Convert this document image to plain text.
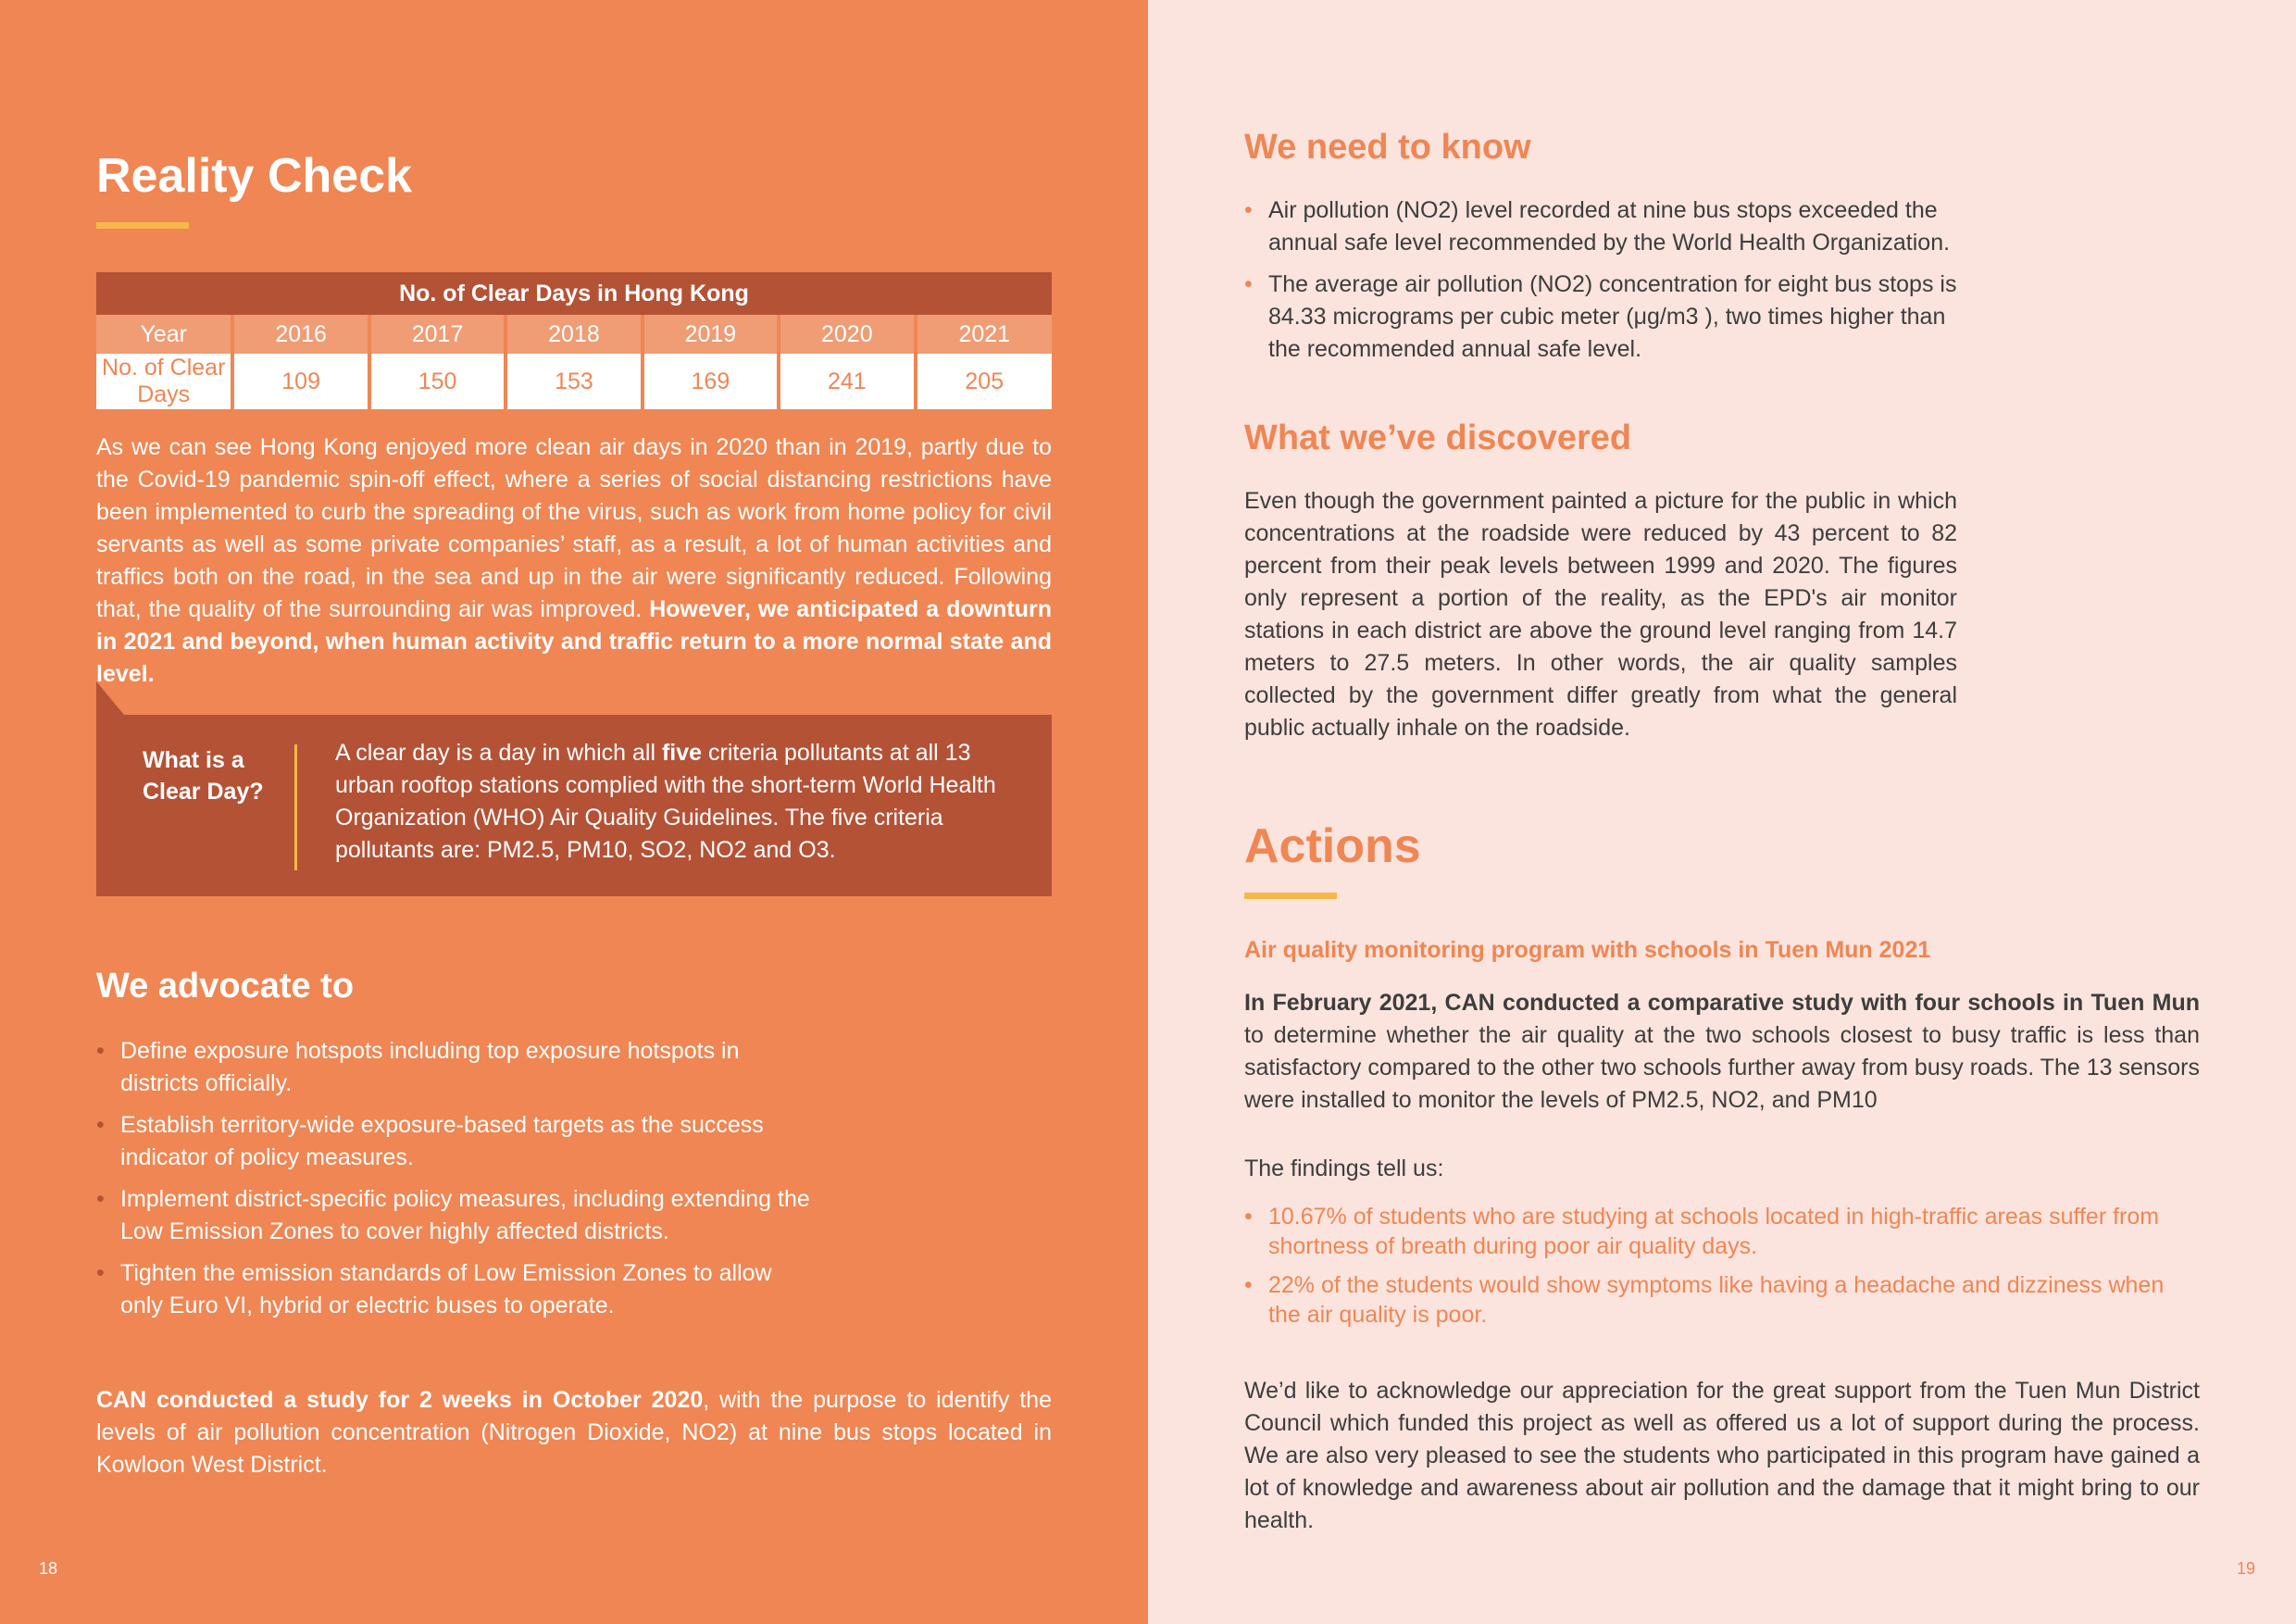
Reality Check
No. of Clear Days in Hong Kong						
Year	2016	2017	2018	2019	2020	2021
No. of Clear Days	109	150	153	169	241	205

As we can see Hong Kong enjoyed more clean air days in 2020 than in 2019, partly due to the Covid-19 pandemic spin-off effect, where a series of social distancing restrictions have been implemented to curb the spreading of the virus, such as work from home policy for civil servants as well as some private companies’ staff, as a result, a lot of human activities and traffics both on the road, in the sea and up in the air were significantly reduced. Following that, the quality of the surrounding air was improved. However, we anticipated a downturn in 2021 and beyond, when human activity and traffic return to a more normal state and level.

What is a Clear Day?
A clear day is a day in which all five criteria pollutants at all 13 urban rooftop stations complied with the short-term World Health Organization (WHO) Air Quality Guidelines. The five criteria pollutants are: PM2.5, PM10, SO2, NO2 and O3.
We advocate to
• Define exposure hotspots including top exposure hotspots in districts officially.
• Establish territory-wide exposure-based targets as the success indicator of policy measures.
• Implement district-specific policy measures, including extending the Low Emission Zones to cover highly affected districts.
• Tighten the emission standards of Low Emission Zones to allow only Euro VI, hybrid or electric buses to operate.

CAN conducted a study for 2 weeks in October 2020, with the purpose to identify the levels of air pollution concentration (Nitrogen Dioxide, NO2) at nine bus stops located in Kowloon West District.

18
We need to know
• Air pollution (NO2) level recorded at nine bus stops exceeded the annual safe level recommended by the World Health Organization.
• The average air pollution (NO2) concentration for eight bus stops is 84.33 micrograms per cubic meter (μg/m3 ), two times higher than the recommended annual safe level.
What we’ve discovered

Even though the government painted a picture for the public in which concentrations at the roadside were reduced by 43 percent to 82 percent from their peak levels between 1999 and 2020. The figures only represent a portion of the reality, as the EPD's air monitor stations in each district are above the ground level ranging from 14.7 meters to 27.5 meters. In other words, the air quality samples collected by the government differ greatly from what the general public actually inhale on the roadside.

Actions
Air quality monitoring program with schools in Tuen Mun 2021

In February 2021, CAN conducted a comparative study with four schools in Tuen Mun to determine whether the air quality at the two schools closest to busy traffic is less than satisfactory compared to the other two schools further away from busy roads. The 13 sensors were installed to monitor the levels of PM2.5, NO2, and PM10

The findings tell us:
• 10.67% of students who are studying at schools located in high-traffic areas suffer from shortness of breath during poor air quality days.
• 22% of the students would show symptoms like having a headache and dizziness when the air quality is poor.

We’d like to acknowledge our appreciation for the great support from the Tuen Mun District Council which funded this project as well as offered us a lot of support during the process. We are also very pleased to see the students who participated in this program have gained a lot of knowledge and awareness about air pollution and the damage that it might bring to our health.

19
